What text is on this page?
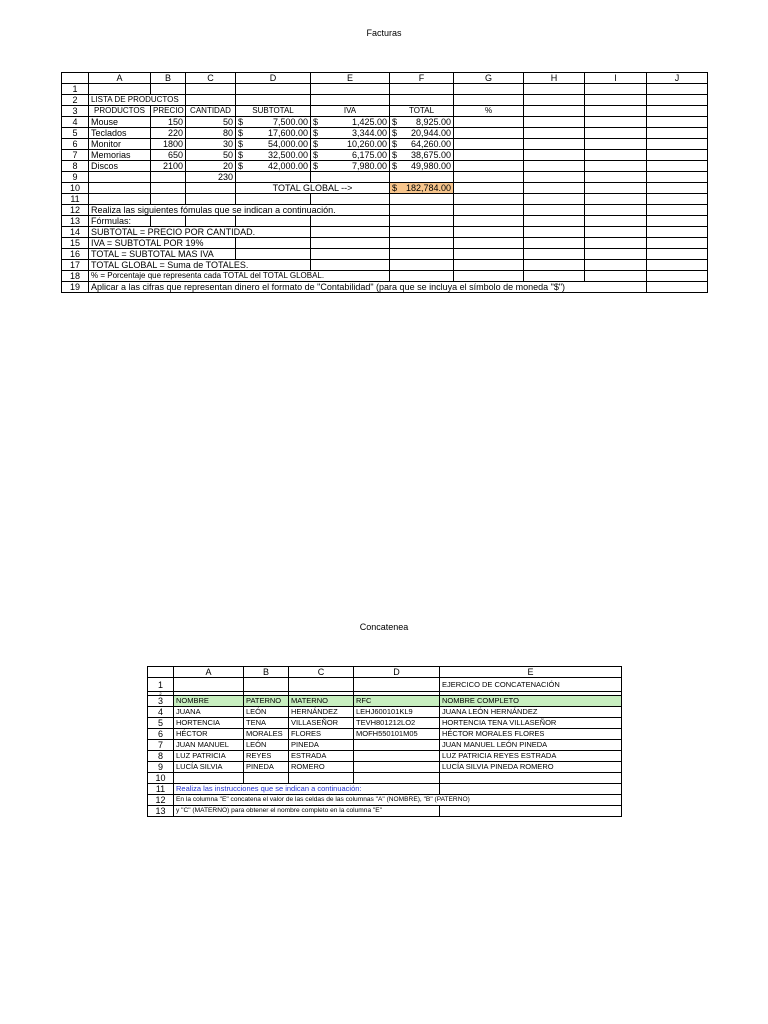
Facturas
	A	B	C	D	E	F	G	H	I	J
1										
2	LISTA DE PRODUCTOS									
3	PRODUCTOS	PRECIO	CANTIDAD	SUBTOTAL	IVA	TOTAL	%			
4	Mouse	150	50	$ 7,500.00	$ 1,425.00	$ 8,925.00				

5	Teclados	220	80	$ 17,600.00	$ 3,344.00	$ 20,944.00				

6	Monitor	1800	30	$ 54,000.00	$ 10,260.00	$ 64,260.00				

7	Memorias	650	50	$ 32,500.00	$ 6,175.00	$ 38,675.00				

8	Discos	2100	20	$ 42,000.00	$ 7,980.00	$ 49,980.00				

9			230							
10				TOTAL GLOBAL -->		$ 182,784.00				

11										
12	Realiza las siguientes fómulas que se indican a continuación.									
13	Fórmulas:									
14	SUBTOTAL = PRECIO POR CANTIDAD.									
15	IVA = SUBTOTAL POR 19%									
16	TOTAL = SUBTOTAL MAS IVA									
17	TOTAL GLOBAL = Suma de TOTALES.									
18	% = Porcentaje que representa cada TOTAL del TOTAL GLOBAL.									
19	Aplicar a las cifras que representan dinero el formato de "Contabilidad" (para que se incluya el símbolo de moneda "$")									
Concatenea
	A	B	C	D	E
1					EJERCICO DE CONCATENACIÓN
2					
3	NOMBRE	PATERNO	MATERNO	RFC	NOMBRE COMPLETO
4	JUANA	LEÓN	HERNÁNDEZ	LEHJ600101KL9	JUANA LEÓN HERNÁNDEZ
5	HORTENCIA	TENA	VILLASEÑOR	TEVH801212LO2	HORTENCIA TENA VILLASEÑOR
6	HÉCTOR	MORALES	FLORES	MOFH550101M05	HÉCTOR MORALES FLORES
7	JUAN MANUEL	LEÓN	PINEDA		JUAN MANUEL LEÓN PINEDA
8	LUZ PATRICIA	REYES	ESTRADA		LUZ PATRICIA REYES ESTRADA
9	LUCÍA SILVIA	PINEDA	ROMERO		LUCÍA SILVIA PINEDA ROMERO
10					
11	Realiza las instrucciones que se indican a continuación:				
12	En la columna "E" concatena el valor de las celdas de las columnas "A" (NOMBRE), "B" (PATERNO)				
13	y "C" (MATERNO) para obtener el nombre completo en la columna "E"				
